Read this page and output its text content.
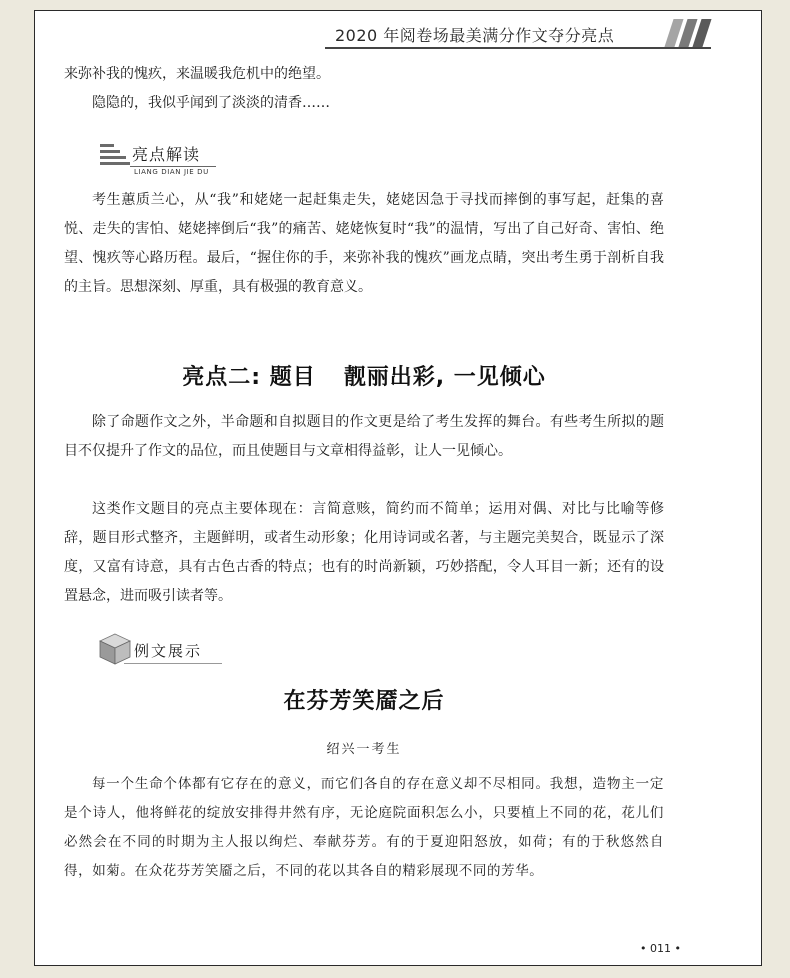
2020 年阅卷场最美满分作文夺分亮点

来弥补我的愧疚，来温暖我危机中的绝望。

隐隐的，我似乎闻到了淡淡的清香……

亮点解读
LIANG DIAN JIE DU

考生蕙质兰心，从“我”和姥姥一起赶集走失，姥姥因急于寻找而摔倒的事写起，赶集的喜悦、走失的害怕、姥姥摔倒后“我”的痛苦、姥姥恢复时“我”的温情，写出了自己好奇、害怕、绝望、愧疚等心路历程。最后，“握住你的手，来弥补我的愧疚”画龙点睛，突出考生勇于剖析自我的主旨。思想深刻、厚重，具有极强的教育意义。

亮点二: 题目 靓丽出彩, 一见倾心

除了命题作文之外，半命题和自拟题目的作文更是给了考生发挥的舞台。有些考生所拟的题目不仅提升了作文的品位，而且使题目与文章相得益彰，让人一见倾心。

这类作文题目的亮点主要体现在：言简意赅，简约而不简单；运用对偶、对比与比喻等修辞，题目形式整齐，主题鲜明，或者生动形象；化用诗词或名著，与主题完美契合，既显示了深度，又富有诗意，具有古色古香的特点；也有的时尚新颖，巧妙搭配，令人耳目一新；还有的设置悬念，进而吸引读者等。

例文展示
在芬芳笑靥之后
绍兴一考生

每一个生命个体都有它存在的意义，而它们各自的存在意义却不尽相同。我想，造物主一定是个诗人，他将鲜花的绽放安排得井然有序，无论庭院面积怎么小，只要植上不同的花，花儿们必然会在不同的时期为主人报以绚烂、奉献芬芳。有的于夏迎阳怒放，如荷；有的于秋悠然自得，如菊。在众花芬芳笑靥之后，不同的花以其各自的精彩展现不同的芳华。

• 011 •
